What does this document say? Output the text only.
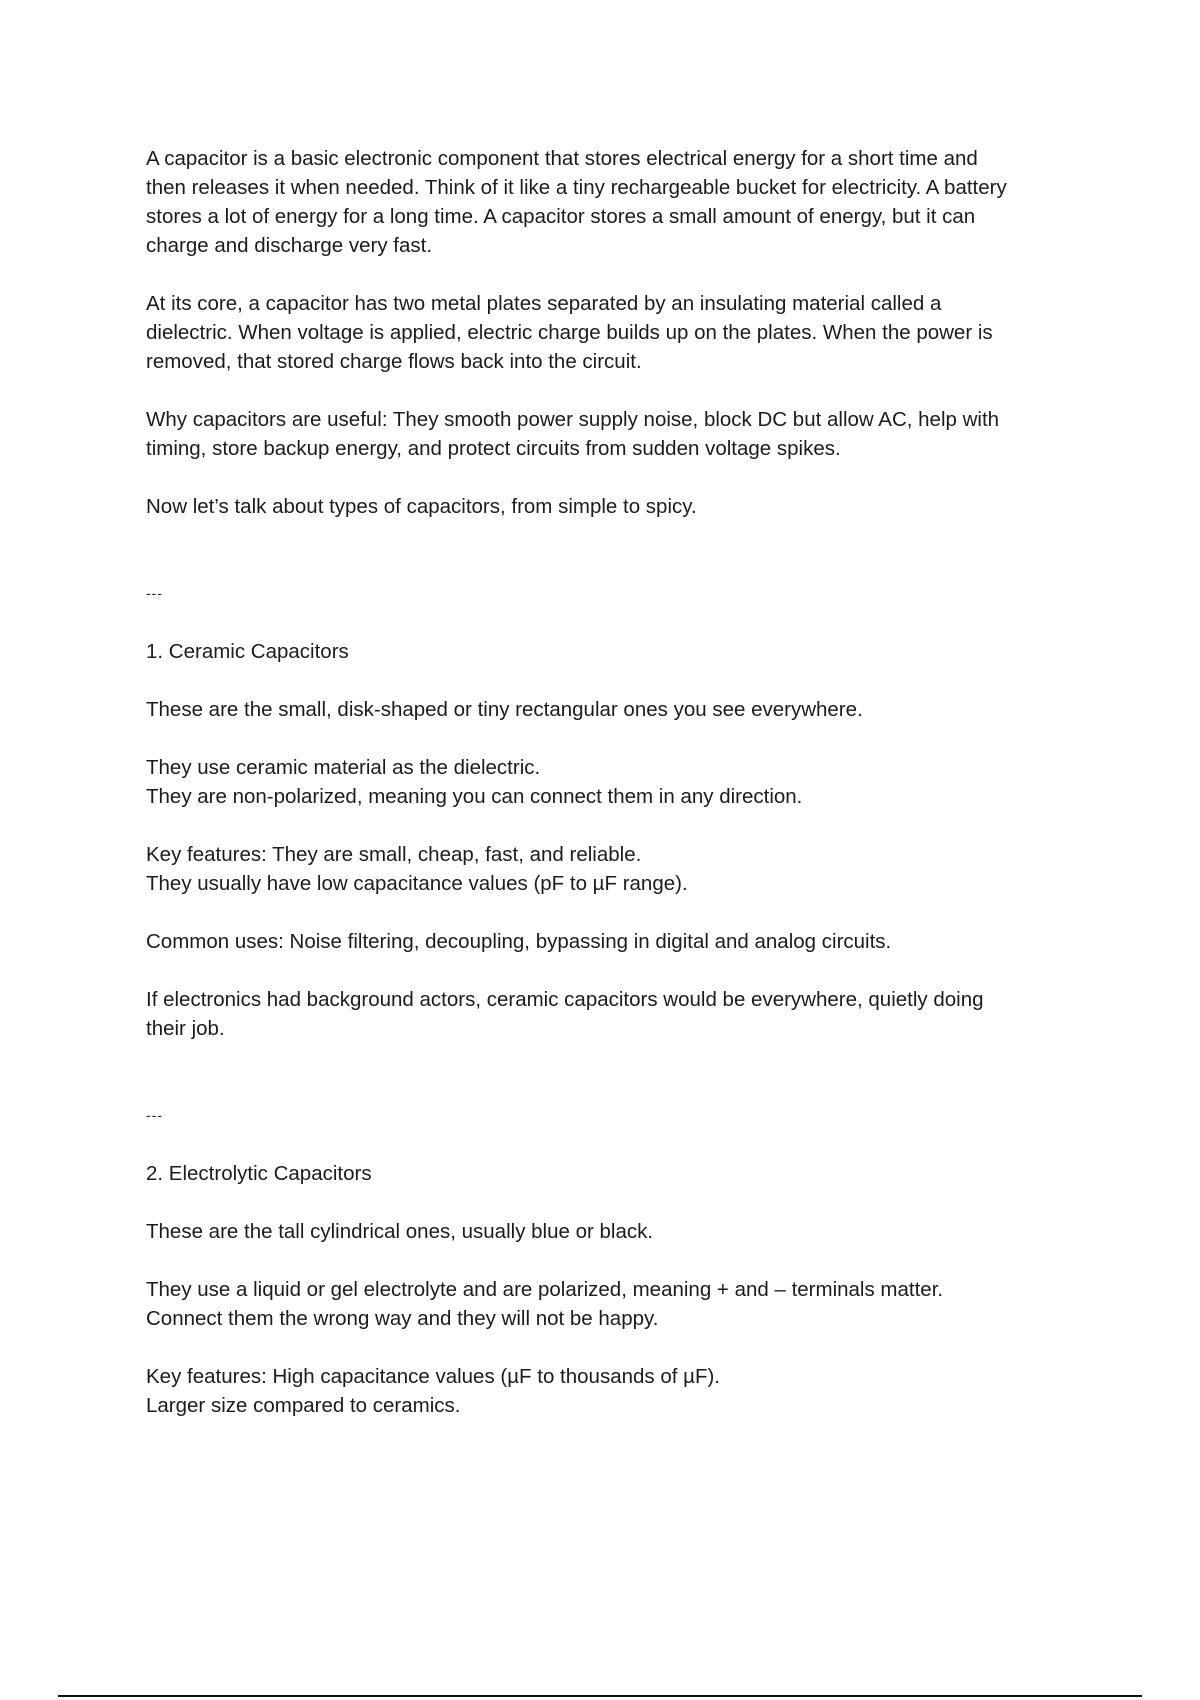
A capacitor is a basic electronic component that stores electrical energy for a short time and
then releases it when needed. Think of it like a tiny rechargeable bucket for electricity. A battery
stores a lot of energy for a long time. A capacitor stores a small amount of energy, but it can
charge and discharge very fast.

At its core, a capacitor has two metal plates separated by an insulating material called a
dielectric. When voltage is applied, electric charge builds up on the plates. When the power is
removed, that stored charge flows back into the circuit.

Why capacitors are useful: They smooth power supply noise, block DC but allow AC, help with
timing, store backup energy, and protect circuits from sudden voltage spikes.

Now let’s talk about types of capacitors, from simple to spicy.

---
1. Ceramic Capacitors

These are the small, disk-shaped or tiny rectangular ones you see everywhere.

They use ceramic material as the dielectric.
They are non-polarized, meaning you can connect them in any direction.

Key features: They are small, cheap, fast, and reliable.
They usually have low capacitance values (pF to µF range).

Common uses: Noise filtering, decoupling, bypassing in digital and analog circuits.

If electronics had background actors, ceramic capacitors would be everywhere, quietly doing
their job.

---
2. Electrolytic Capacitors

These are the tall cylindrical ones, usually blue or black.

They use a liquid or gel electrolyte and are polarized, meaning + and – terminals matter.
Connect them the wrong way and they will not be happy.

Key features: High capacitance values (µF to thousands of µF).
Larger size compared to ceramics.
